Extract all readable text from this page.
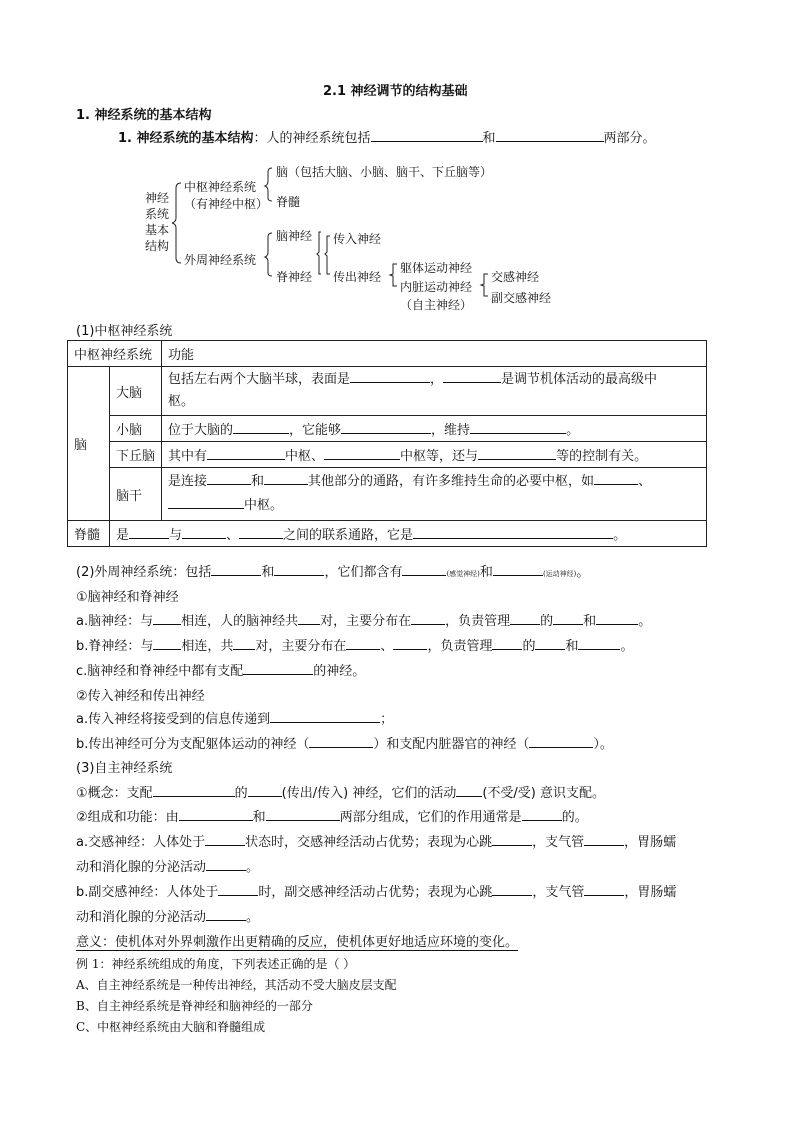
2.1 神经调节的结构基础
1. 神经系统的基本结构
1. 神经系统的基本结构：人的神经系统包括	和	两部分。
神经
系统
基本
结构
中枢神经系统
（有神经中枢）
脑（包括大脑、小脑、脑干、下丘脑等）
脊髓
外周神经系统
脑神经
脊神经
传入神经
传出神经
躯体运动神经
内脏运动神经
（自主神经）
交感神经
副交感神经
(1)中枢神经系统
中枢神经系统		功能
脑	大脑	包括左右两个大脑半球，表面是 ， 是调节机体活动的最高级中
枢。
	小脑	位于大脑的 ，它能够 ，维持 。
	下丘脑	其中有 中枢、 中枢等，还与 等的控制有关。
	脑干	是连接 和 其他部分的通路，有许多维持生命的必要中枢，如 、
中枢。
脊髓	是 与 、 之间的联系通路，它是 。	
(2)外周神经系统：包括	和	，它们都含有	(感觉神经)和	(运动神经)。
①脑神经和脊神经
a.脑神经：与 相连，人的脑神经共 对，主要分布在	，负责管理 的 和	。
b.脊神经：与 相连，共 对，主要分布在	、	，负责管理 的 和	。
c.脑神经和脊神经中都有支配	的神经。
②传入神经和传出神经
a.传入神经将接受到的信息传递到	；
b.传出神经可分为支配躯体运动的神经（	）和支配内脏器官的神经（	）。
(3)自主神经系统
①概念：支配	的	(传出/传入) 神经，它们的活动 (不受/受) 意识支配。
②组成和功能：由	和	两部分组成，它们的作用通常是	的。
a.交感神经：人体处于	状态时，交感神经活动占优势；表现为心跳	，支气管	，胃肠蠕
动和消化腺的分泌活动	。
b.副交感神经：人体处于	时，副交感神经活动占优势；表现为心跳	，支气管	，胃肠蠕
动和消化腺的分泌活动	。
意义：使机体对外界刺激作出更精确的反应，使机体更好地适应环境的变化。
例 1：神经系统组成的角度，下列表述正确的是（ ）
A、自主神经系统是一种传出神经，其活动不受大脑皮层支配
B、自主神经系统是脊神经和脑神经的一部分
C、中枢神经系统由大脑和脊髓组成
